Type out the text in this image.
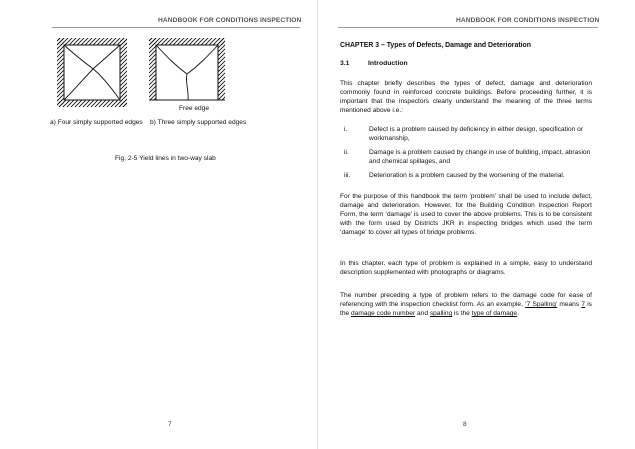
HANDBOOK FOR CONDITIONS INSPECTION
Free edge
a) Four simply supported edges	b) Three simply supported edges
Fig. 2-5 Yield lines in two-way slab
7
HANDBOOK FOR CONDITIONS INSPECTION
CHAPTER 3 – Types of Defects, Damage and Deterioration
3.1	Introduction
This chapter briefly describes the types of defect, damage and deterioration commonly found in reinforced concrete buildings. Before proceeding further, it is important that the inspectors clearly understand the meaning of the three terms mentioned above i.e.:
i.	Defect is a problem caused by deficiency in either design, specification or workmanship,
ii.	Damage is a problem caused by change in use of building, impact, abrasion and chemical spillages, and
iii.	Deterioration is a problem caused by the worsening of the material.
For the purpose of this handbook the term ‘problem’ shall be used to include defect, damage and deterioration. However, for the Building Condition Inspection Report Form, the term ‘damage’ is used to cover the above problems. This is to be consistent with the form used by Districts JKR in inspecting bridges which used the term ‘damage’ to cover all types of bridge problems.
In this chapter, each type of problem is explained in a simple, easy to understand description supplemented with photographs or diagrams.
The number preceding a type of problem refers to the damage code for ease of referencing with the inspection checklist form. As an example, ‘7 Spalling’ means 7 is the damage code number and spalling is the type of damage.
8
